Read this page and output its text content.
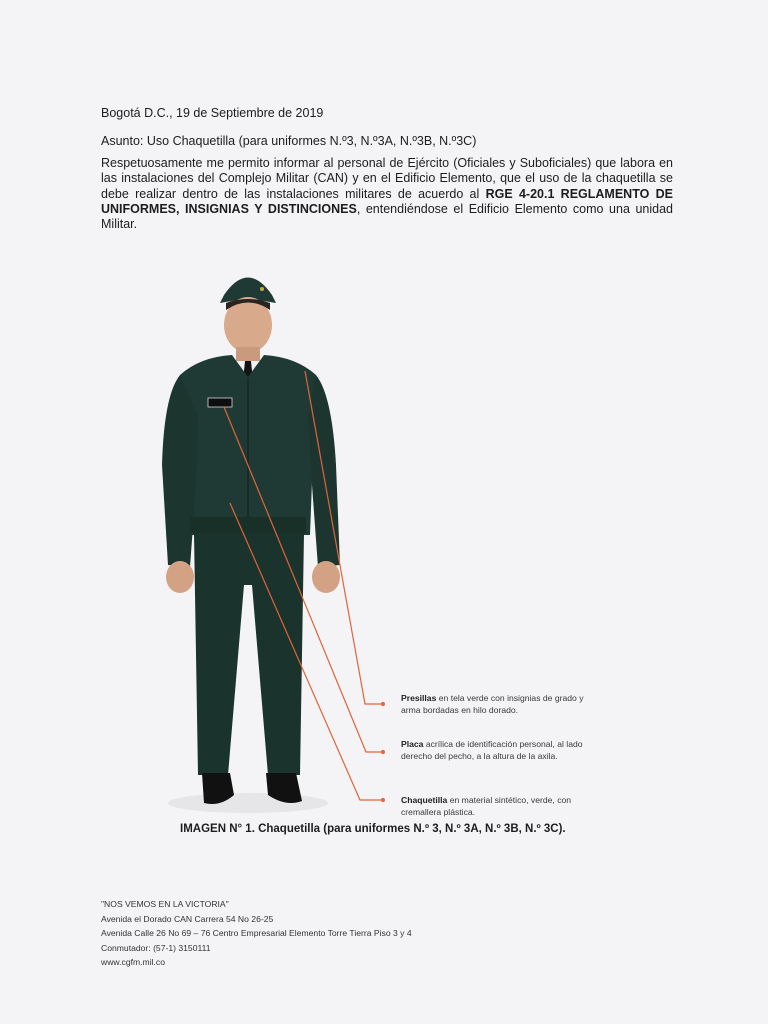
Bogotá D.C., 19 de Septiembre de 2019
Asunto: Uso Chaquetilla (para uniformes N.º3, N.º3A, N.º3B, N.º3C)
Respetuosamente me permito informar al personal de Ejército (Oficiales y Suboficiales) que labora en las instalaciones del Complejo Militar (CAN) y en el Edificio Elemento, que el uso de la chaquetilla se debe realizar dentro de las instalaciones militares de acuerdo al RGE 4-20.1 REGLAMENTO DE UNIFORMES, INSIGNIAS Y DISTINCIONES, entendiéndose el Edificio Elemento como una unidad Militar.
Presillas en tela verde con insignias de grado y arma bordadas en hilo dorado.
Placa acrílica de identificación personal, al lado derecho del pecho, a la altura de la axila.
Chaquetilla en material sintético, verde, con cremallera plástica.
IMAGEN N° 1. Chaquetilla (para uniformes N.º 3, N.º 3A, N.º 3B, N.º 3C).
"NOS VEMOS EN LA VICTORIA"
Avenida el Dorado CAN Carrera 54 No 26-25
Avenida Calle 26 No 69 – 76 Centro Empresarial Elemento Torre Tierra Piso 3 y 4
Conmutador: (57-1) 3150111
www.cgfm.mil.co
